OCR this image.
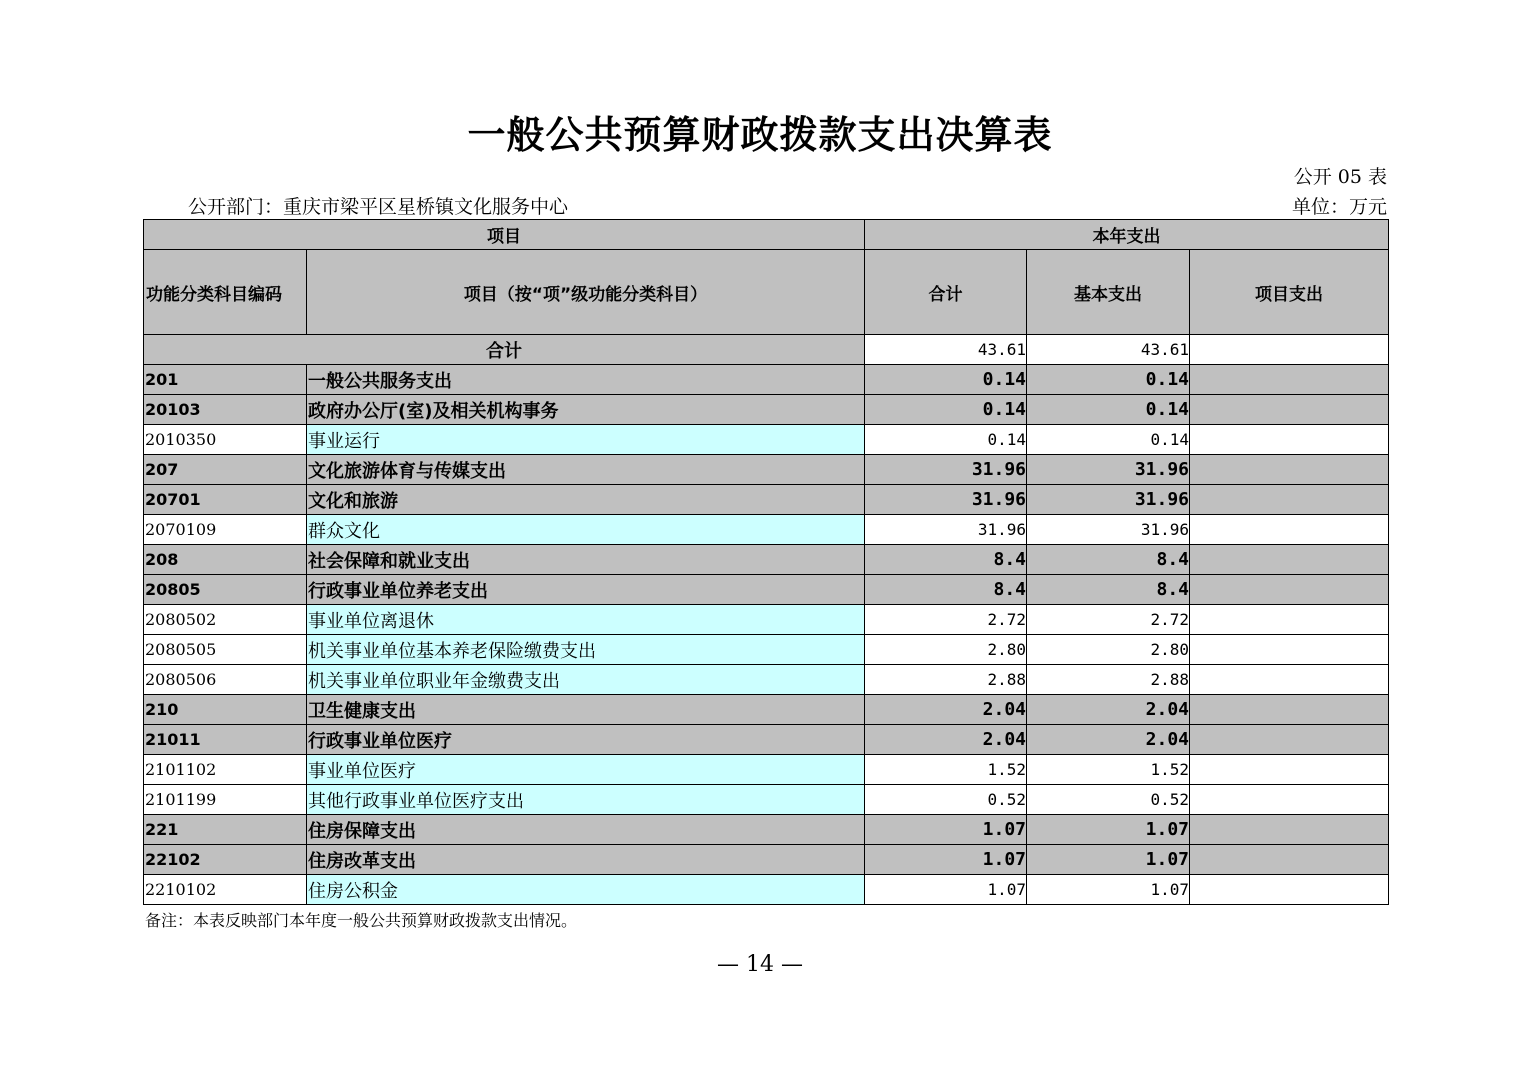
一般公共预算财政拨款支出决算表
公开 05 表
公开部门：重庆市梁平区星桥镇文化服务中心	单位：万元
项目		本年支出		
功能分类科目编码	项目（按“项”级功能分类科目）	合计	基本支出	项目支出
合计		43.61	43.61	
201	一般公共服务支出	0.14	0.14	
20103	政府办公厅(室)及相关机构事务	0.14	0.14	
2010350	事业运行	0.14	0.14	
207	文化旅游体育与传媒支出	31.96	31.96	
20701	文化和旅游	31.96	31.96	
2070109	群众文化	31.96	31.96	
208	社会保障和就业支出	8.4	8.4	
20805	行政事业单位养老支出	8.4	8.4	
2080502	事业单位离退休	2.72	2.72	
2080505	机关事业单位基本养老保险缴费支出	2.80	2.80	
2080506	机关事业单位职业年金缴费支出	2.88	2.88	
210	卫生健康支出	2.04	2.04	
21011	行政事业单位医疗	2.04	2.04	
2101102	事业单位医疗	1.52	1.52	
2101199	其他行政事业单位医疗支出	0.52	0.52	
221	住房保障支出	1.07	1.07	
22102	住房改革支出	1.07	1.07	
2210102	住房公积金	1.07	1.07	
备注：本表反映部门本年度一般公共预算财政拨款支出情况。
— 14 —
